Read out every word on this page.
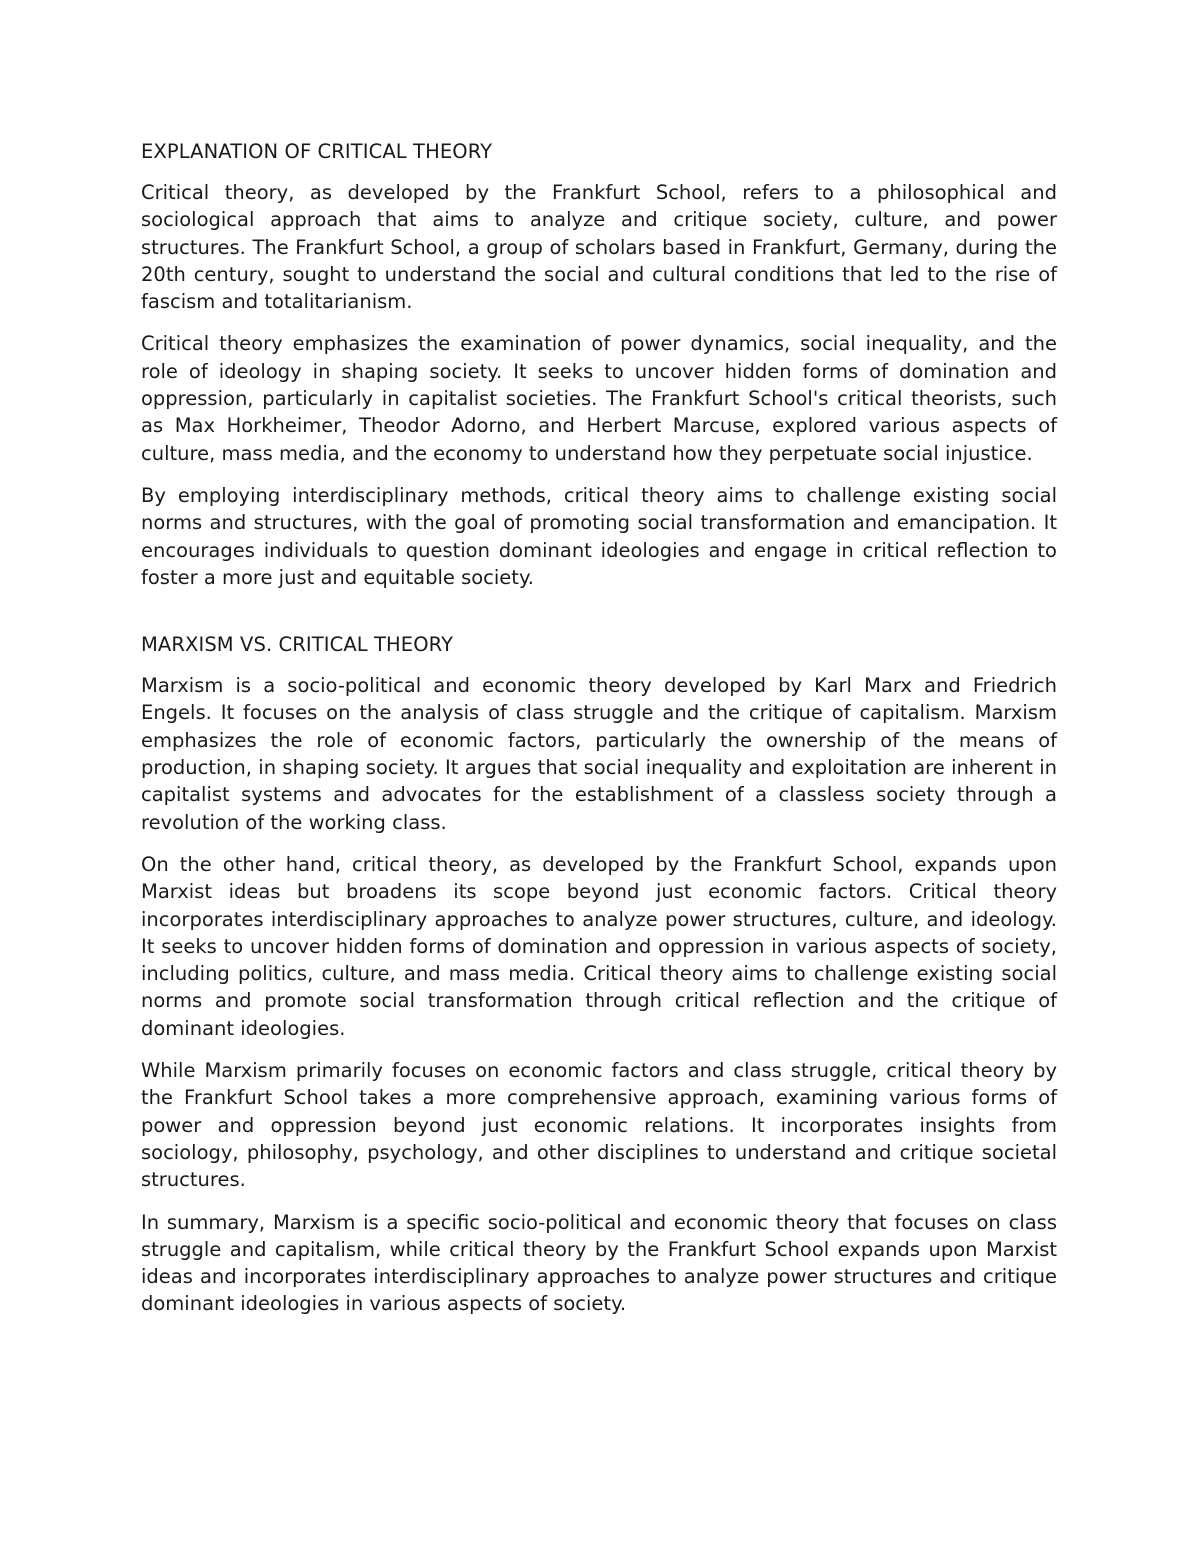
EXPLANATION OF CRITICAL THEORY

Critical theory, as developed by the Frankfurt School, refers to a philosophical and sociological approach that aims to analyze and critique society, culture, and power structures. The Frankfurt School, a group of scholars based in Frankfurt, Germany, during the 20th century, sought to understand the social and cultural conditions that led to the rise of fascism and totalitarianism.

Critical theory emphasizes the examination of power dynamics, social inequality, and the role of ideology in shaping society. It seeks to uncover hidden forms of domination and oppression, particularly in capitalist societies. The Frankfurt School's critical theorists, such as Max Horkheimer, Theodor Adorno, and Herbert Marcuse, explored various aspects of culture, mass media, and the economy to understand how they perpetuate social injustice.

By employing interdisciplinary methods, critical theory aims to challenge existing social norms and structures, with the goal of promoting social transformation and emancipation. It encourages individuals to question dominant ideologies and engage in critical reflection to foster a more just and equitable society.

MARXISM VS. CRITICAL THEORY

Marxism is a socio-political and economic theory developed by Karl Marx and Friedrich Engels. It focuses on the analysis of class struggle and the critique of capitalism. Marxism emphasizes the role of economic factors, particularly the ownership of the means of production, in shaping society. It argues that social inequality and exploitation are inherent in capitalist systems and advocates for the establishment of a classless society through a revolution of the working class.

On the other hand, critical theory, as developed by the Frankfurt School, expands upon Marxist ideas but broadens its scope beyond just economic factors. Critical theory incorporates interdisciplinary approaches to analyze power structures, culture, and ideology. It seeks to uncover hidden forms of domination and oppression in various aspects of society, including politics, culture, and mass media. Critical theory aims to challenge existing social norms and promote social transformation through critical reflection and the critique of dominant ideologies.

While Marxism primarily focuses on economic factors and class struggle, critical theory by the Frankfurt School takes a more comprehensive approach, examining various forms of power and oppression beyond just economic relations. It incorporates insights from sociology, philosophy, psychology, and other disciplines to understand and critique societal structures.

In summary, Marxism is a specific socio-political and economic theory that focuses on class struggle and capitalism, while critical theory by the Frankfurt School expands upon Marxist ideas and incorporates interdisciplinary approaches to analyze power structures and critique dominant ideologies in various aspects of society.
